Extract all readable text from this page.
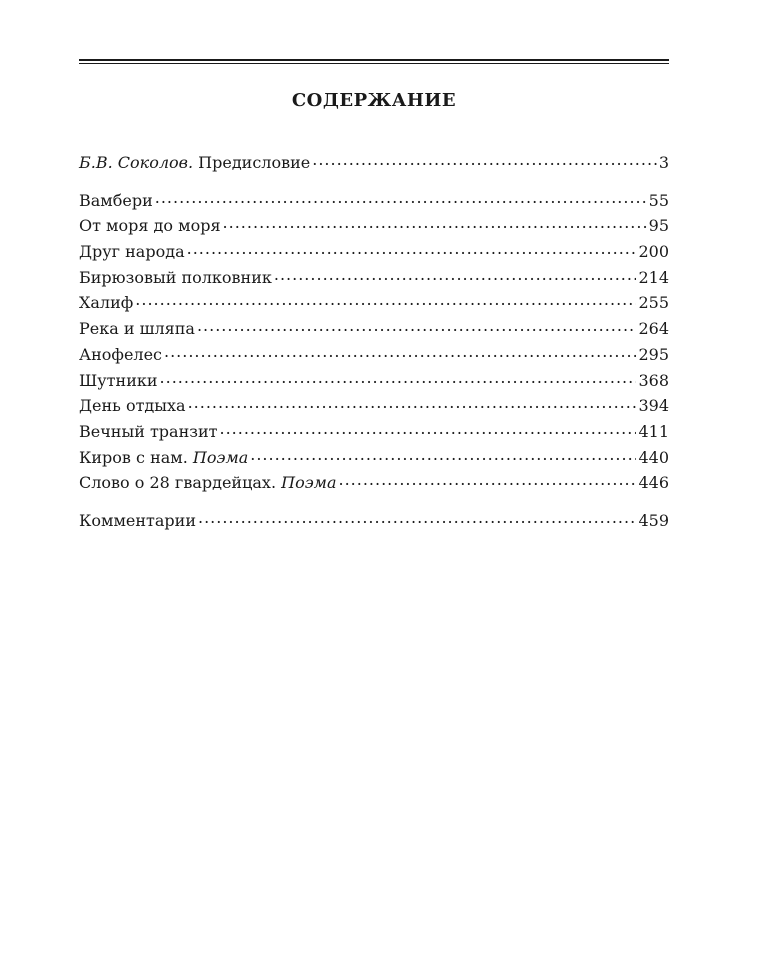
СОДЕРЖАНИЕ
Б.В. Соколов. Предисловие .....	3
Вамбери .....	55
От моря до моря .....	95
Друг народа .....	200
Бирюзовый полковник .....	214
Халиф .....	255
Река и шляпа .....	264
Анофелес .....	295
Шутники .....	368
День отдыха .....	394
Вечный транзит .....	411
Киров с нам. Поэма .....	440
Слово о 28 гвардейцах. Поэма .....	446
Комментарии .....	459
